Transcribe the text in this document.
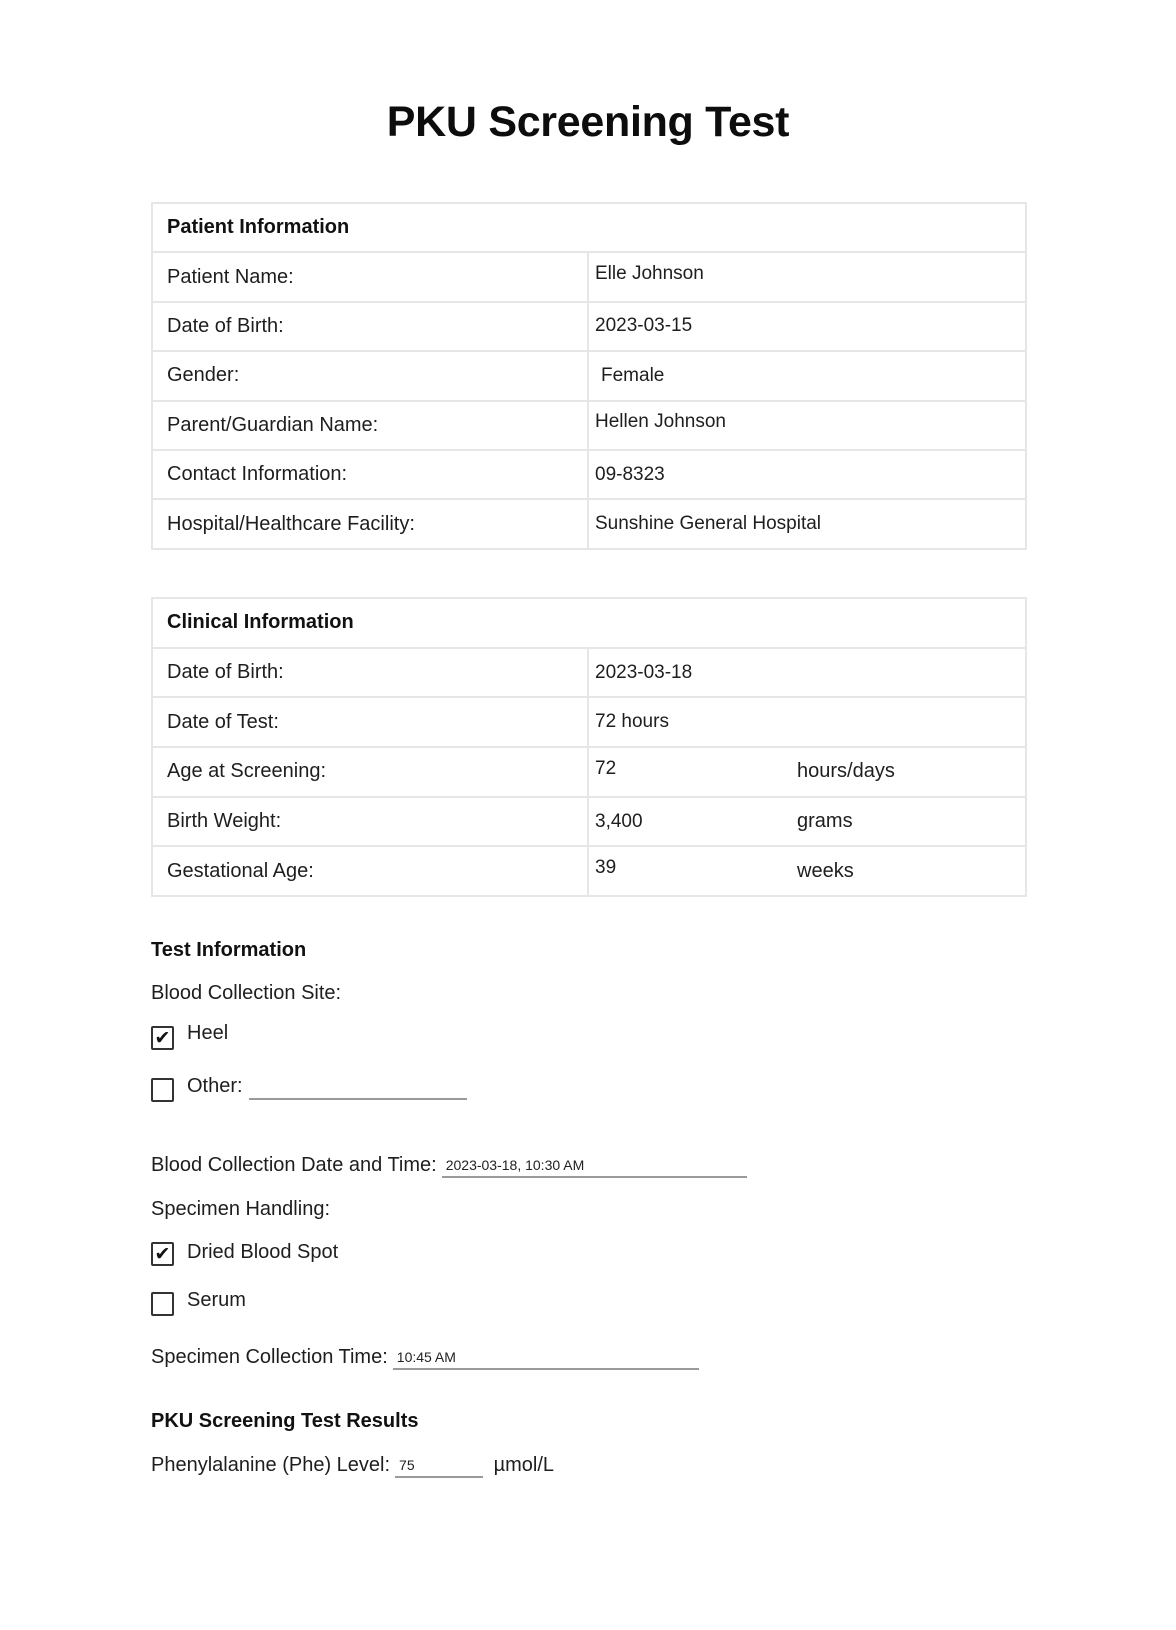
PKU Screening Test
Patient Information	
Patient Name:	Elle Johnson
Date of Birth:	2023-03-15
Gender:	Female
Parent/Guardian Name:	Hellen Johnson
Contact Information:	09-8323
Hospital/Healthcare Facility:	Sunshine General Hospital
Clinical Information	
Date of Birth:	2023-03-18
Date of Test:	72 hours
Age at Screening:	72 hours/days

Birth Weight:	3,400 grams

Gestational Age:	39 weeks
Test Information
Blood Collection Site:
✔ Heel
Other:
Blood Collection Date and Time: 2023-03-18, 10:30 AM
Specimen Handling:
✔ Dried Blood Spot
Serum
Specimen Collection Time: 10:45 AM
PKU Screening Test Results
Phenylalanine (Phe) Level: 75	µmol/L
